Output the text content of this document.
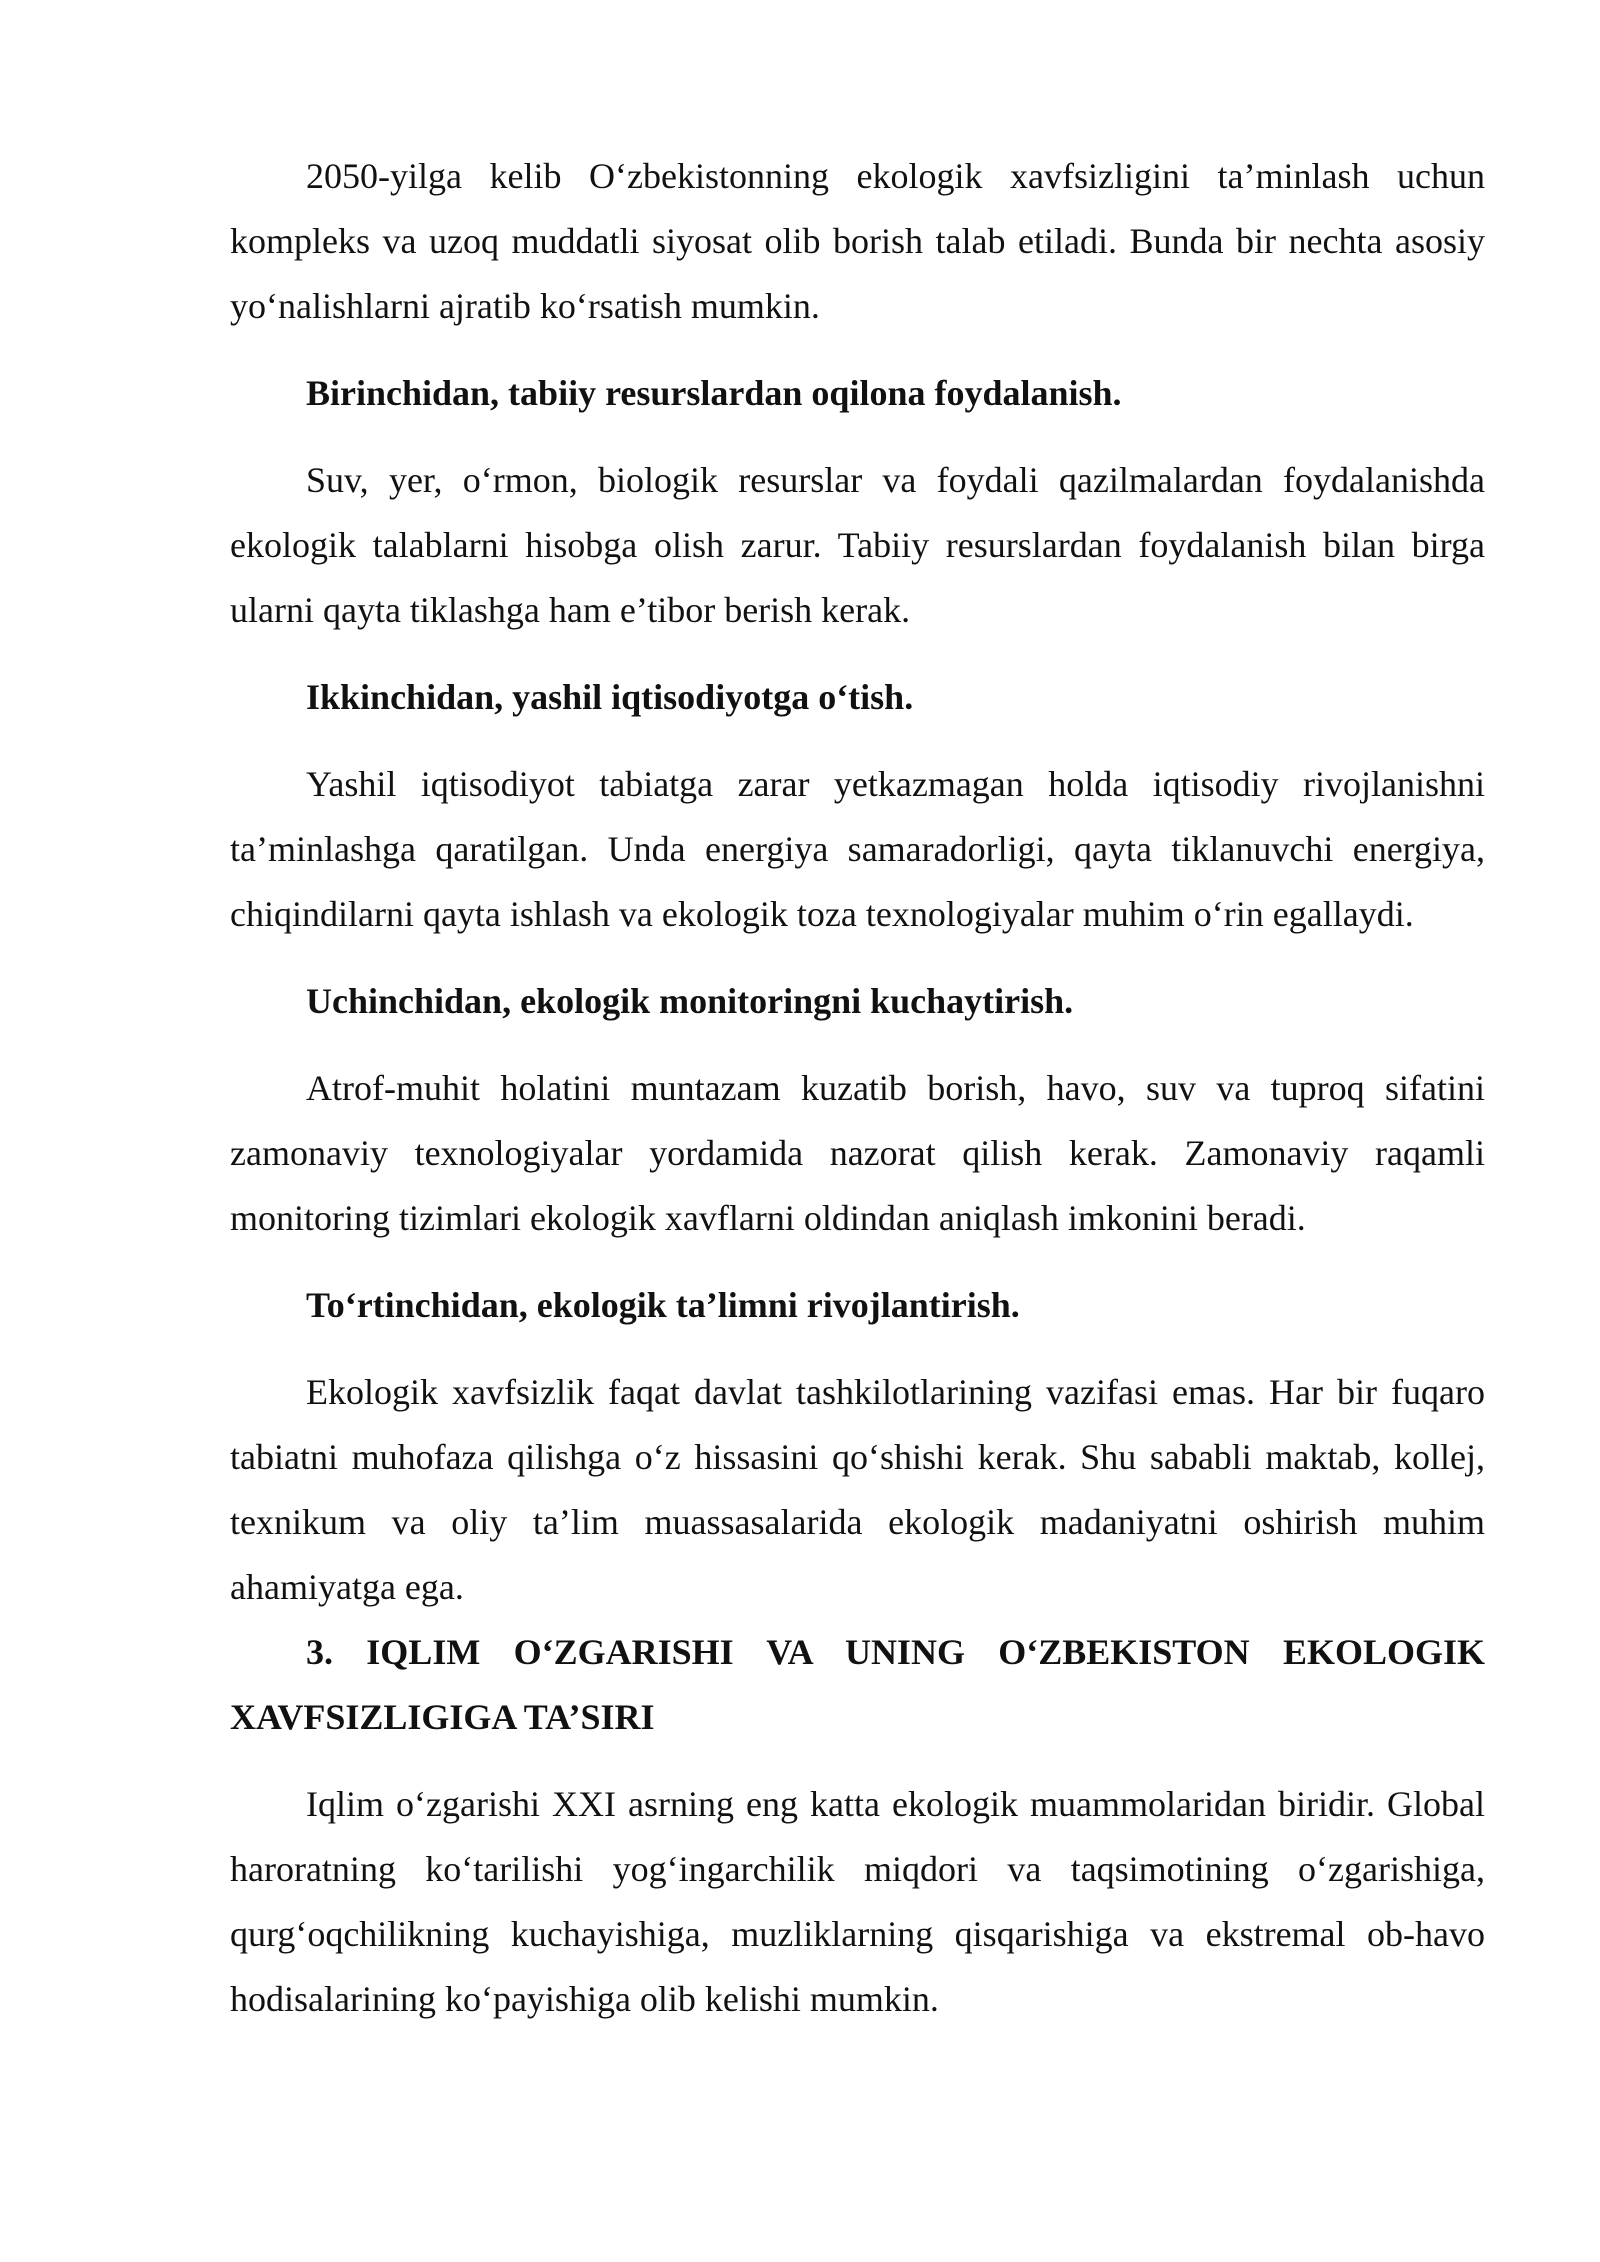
2050-yilga kelib O‘zbekistonning ekologik xavfsizligini ta’minlash uchun kompleks va uzoq muddatli siyosat olib borish talab etiladi. Bunda bir nechta asosiy yo‘nalishlarni ajratib ko‘rsatish mumkin.

Birinchidan, tabiiy resurslardan oqilona foydalanish.

Suv, yer, o‘rmon, biologik resurslar va foydali qazilmalardan foydalanishda ekologik talablarni hisobga olish zarur. Tabiiy resurslardan foydalanish bilan birga ularni qayta tiklashga ham e’tibor berish kerak.

Ikkinchidan, yashil iqtisodiyotga o‘tish.

Yashil iqtisodiyot tabiatga zarar yetkazmagan holda iqtisodiy rivojlanishni ta’minlashga qaratilgan. Unda energiya samaradorligi, qayta tiklanuvchi energiya, chiqindilarni qayta ishlash va ekologik toza texnologiyalar muhim o‘rin egallaydi.

Uchinchidan, ekologik monitoringni kuchaytirish.

Atrof-muhit holatini muntazam kuzatib borish, havo, suv va tuproq sifatini zamonaviy texnologiyalar yordamida nazorat qilish kerak. Zamonaviy raqamli monitoring tizimlari ekologik xavflarni oldindan aniqlash imkonini beradi.

To‘rtinchidan, ekologik ta’limni rivojlantirish.

Ekologik xavfsizlik faqat davlat tashkilotlarining vazifasi emas. Har bir fuqaro tabiatni muhofaza qilishga o‘z hissasini qo‘shishi kerak. Shu sababli maktab, kollej, texnikum va oliy ta’lim muassasalarida ekologik madaniyatni oshirish muhim ahamiyatga ega.

3. IQLIM O‘ZGARISHI VA UNING O‘ZBEKISTON EKOLOGIK XAVFSIZLIGIGA TA’SIRI

Iqlim o‘zgarishi XXI asrning eng katta ekologik muammolaridan biridir. Global haroratning ko‘tarilishi yog‘ingarchilik miqdori va taqsimotining o‘zgarishiga, qurg‘oqchilikning kuchayishiga, muzliklarning qisqarishiga va ekstremal ob-havo hodisalarining ko‘payishiga olib kelishi mumkin.
